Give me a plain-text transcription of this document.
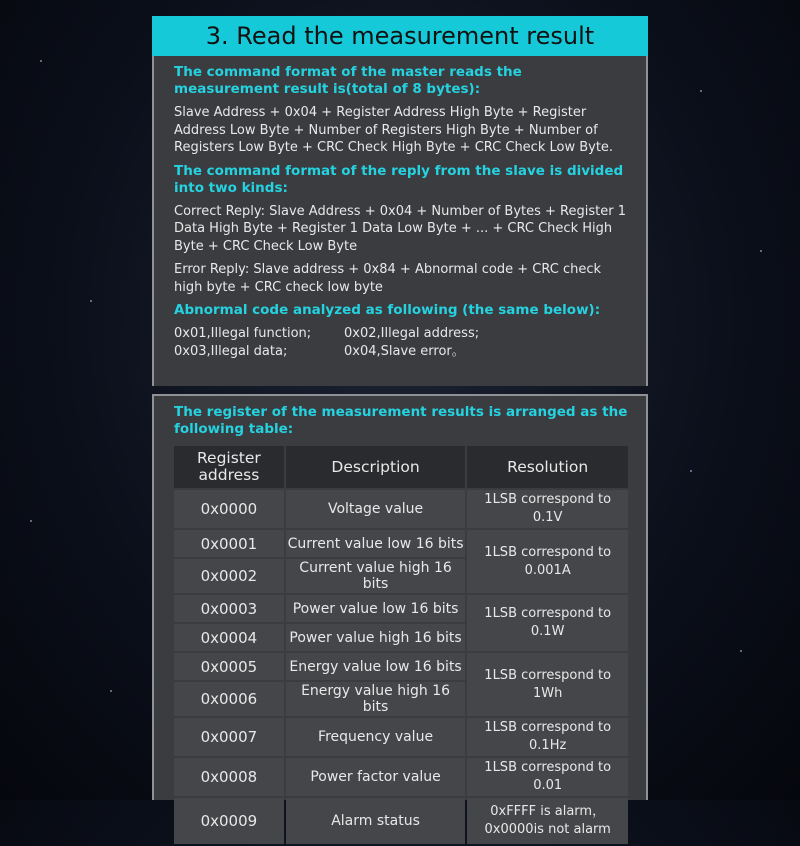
3. Read the measurement result
The command format of the master reads the measurement result is(total of 8 bytes):
Slave Address + 0x04 + Register Address High Byte + Register Address Low Byte + Number of Registers High Byte + Number of Registers Low Byte + CRC Check High Byte + CRC Check Low Byte.
The command format of the reply from the slave is divided into two kinds:
Correct Reply: Slave Address + 0x04 + Number of Bytes + Register 1 Data High Byte + Register 1 Data Low Byte + ... + CRC Check High Byte + CRC Check Low Byte
Error Reply: Slave address + 0x84 + Abnormal code + CRC check high byte + CRC check low byte
Abnormal code analyzed as following (the same below):
0x01,Illegal function;	0x02,Illegal address;
0x03,Illegal data;	0x04,Slave error。
The register of the measurement results is arranged as the following table:
Register address	Description	Resolution
0x0000	Voltage value	1LSB correspond to 0.1V
0x0001	Current value low 16 bits	1LSB correspond to 0.001A
0x0002	Current value high 16 bits	
0x0003	Power value low 16 bits	1LSB correspond to 0.1W
0x0004	Power value high 16 bits	
0x0005	Energy value low 16 bits	1LSB correspond to 1Wh
0x0006	Energy value high 16 bits	
0x0007	Frequency value	1LSB correspond to 0.1Hz
0x0008	Power factor value	1LSB correspond to 0.01
0x0009	Alarm status	0xFFFF is alarm，0x0000is not alarm
